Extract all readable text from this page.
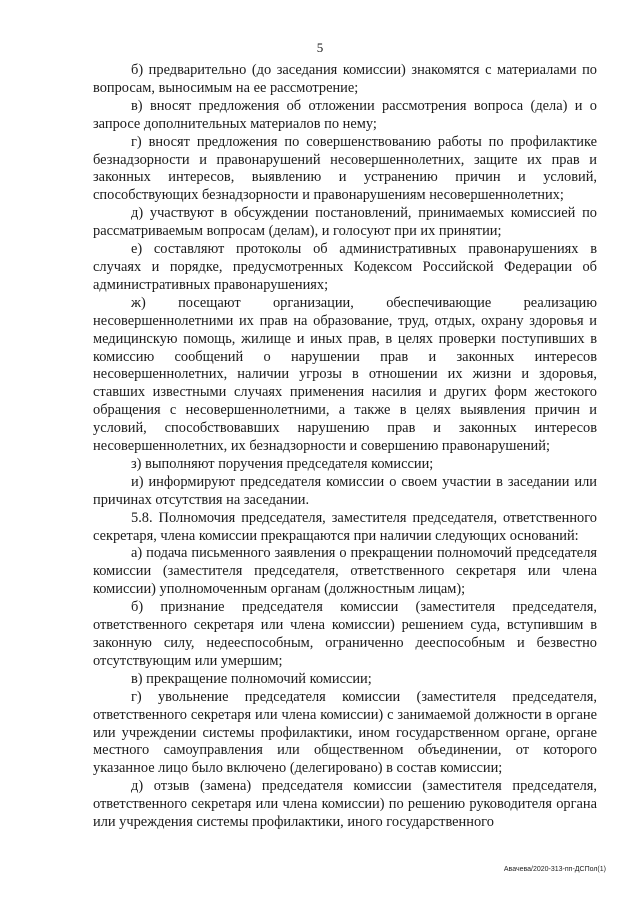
5

б) предварительно (до заседания комиссии) знакомятся с материалами по вопросам, выносимым на ее рассмотрение;

в) вносят предложения об отложении рассмотрения вопроса (дела) и о запросе дополнительных материалов по нему;

г) вносят предложения по совершенствованию работы по профилактике безнадзорности и правонарушений несовершеннолетних, защите их прав и законных интересов, выявлению и устранению причин и условий, способствующих безнадзорности и правонарушениям несовершеннолетних;

д) участвуют в обсуждении постановлений, принимаемых комиссией по рассматриваемым вопросам (делам), и голосуют при их принятии;

е) составляют протоколы об административных правонарушениях в случаях и порядке, предусмотренных Кодексом Российской Федерации об административных правонарушениях;

ж) посещают организации, обеспечивающие реализацию несовершеннолетними их прав на образование, труд, отдых, охрану здоровья и медицинскую помощь, жилище и иных прав, в целях проверки поступивших в комиссию сообщений о нарушении прав и законных интересов несовершеннолетних, наличии угрозы в отношении их жизни и здоровья, ставших известными случаях применения насилия и других форм жестокого обращения с несовершеннолетними, а также в целях выявления причин и условий, способствовавших нарушению прав и законных интересов несовершеннолетних, их безнадзорности и совершению правонарушений;

з) выполняют поручения председателя комиссии;

и) информируют председателя комиссии о своем участии в заседании или причинах отсутствия на заседании.

5.8. Полномочия председателя, заместителя председателя, ответственного секретаря, члена комиссии прекращаются при наличии следующих оснований:

а) подача письменного заявления о прекращении полномочий председателя комиссии (заместителя председателя, ответственного секретаря или члена комиссии) уполномоченным органам (должностным лицам);

б) признание председателя комиссии (заместителя председателя, ответственного секретаря или члена комиссии) решением суда, вступившим в законную силу, недееспособным, ограниченно дееспособным и безвестно отсутствующим или умершим;

в) прекращение полномочий комиссии;

г) увольнение председателя комиссии (заместителя председателя, ответственного секретаря или члена комиссии) с занимаемой должности в органе или учреждении системы профилактики, ином государственном органе, органе местного самоуправления или общественном объединении, от которого указанное лицо было включено (делегировано) в состав комиссии;

д) отзыв (замена) председателя комиссии (заместителя председателя, ответственного секретаря или члена комиссии) по решению руководителя органа или учреждения системы профилактики, иного государственного

Авачева/2020-313-пп-ДСПол(1)
